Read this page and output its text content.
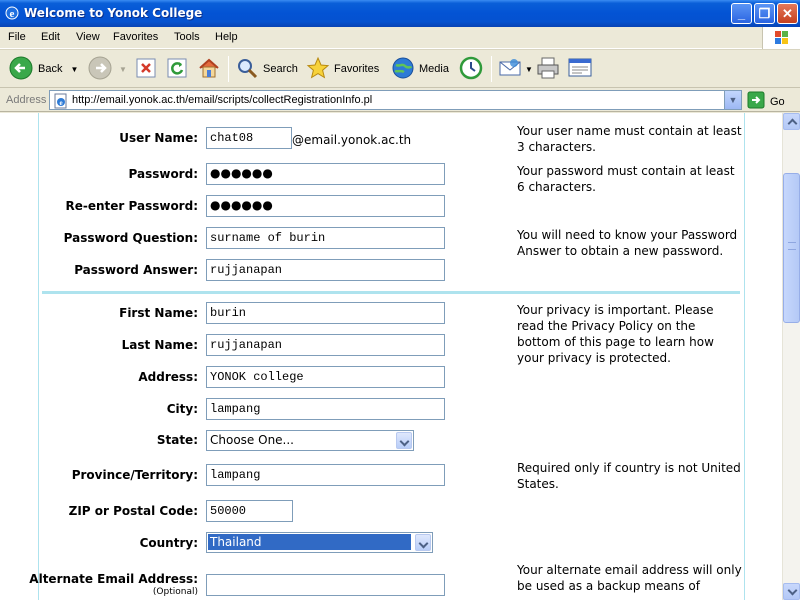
e Welcome to Yonok College	_	❐ ✕
File Edit View Favorites Tools Help
Back ▼	▼	Search	Favorites	Media	▼
Address e http://email.yonok.ac.th/email/scripts/collectRegistrationInfo.pl	▼	Go
User Name:	chat08	@email.yonok.ac.th
Your user name must contain at least 3 characters.
Password:	●●●●●●	Your password must contain at least 6 characters.
Re-enter Password:	●●●●●●
Password Question:	surname of burin	You will need to know your Password Answer to obtain a new password.
Password Answer:	rujjanapan
First Name:	burin	Your privacy is important. Please read the Privacy Policy on the bottom of this page to learn how your privacy is protected.
Last Name:	rujjanapan
Address:	YONOK college
City:	lampang
State:	Choose One...
Province/Territory:	lampang	Required only if country is not United States.
ZIP or Postal Code:	50000
Country: Thailand
Alternate Email Address:
(Optional)
Your alternate email address will only be used as a backup means of
